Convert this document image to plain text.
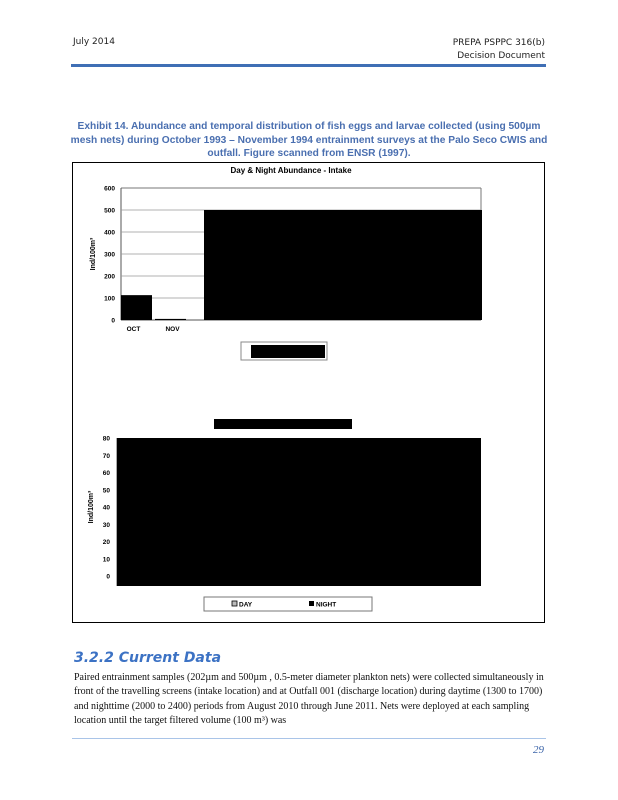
July 2014	PREPA PSPPC 316(b)
Decision Document
Exhibit 14. Abundance and temporal distribution of fish eggs and larvae collected (using 500µm mesh nets) during October 1993 – November 1994 entrainment surveys at the Palo Seco CWIS and outfall. Figure scanned from ENSR (1997).
Day & Night Abundance - Intake
0
100
200
300
400
500
600
Ind/100m³
OCT	NOV
0
10
20
30
40
50
60
70
80
Ind/100m³
DAY	NIGHT
3.2.2 Current Data
Paired entrainment samples (202µm and 500µm , 0.5-meter diameter plankton nets) were collected simultaneously in front of the travelling screens (intake location) and at Outfall 001 (discharge location) during daytime (1300 to 1700) and nighttime (2000 to 2400) periods from August 2010 through June 2011. Nets were deployed at each sampling location until the target filtered volume (100 m³) was
29
